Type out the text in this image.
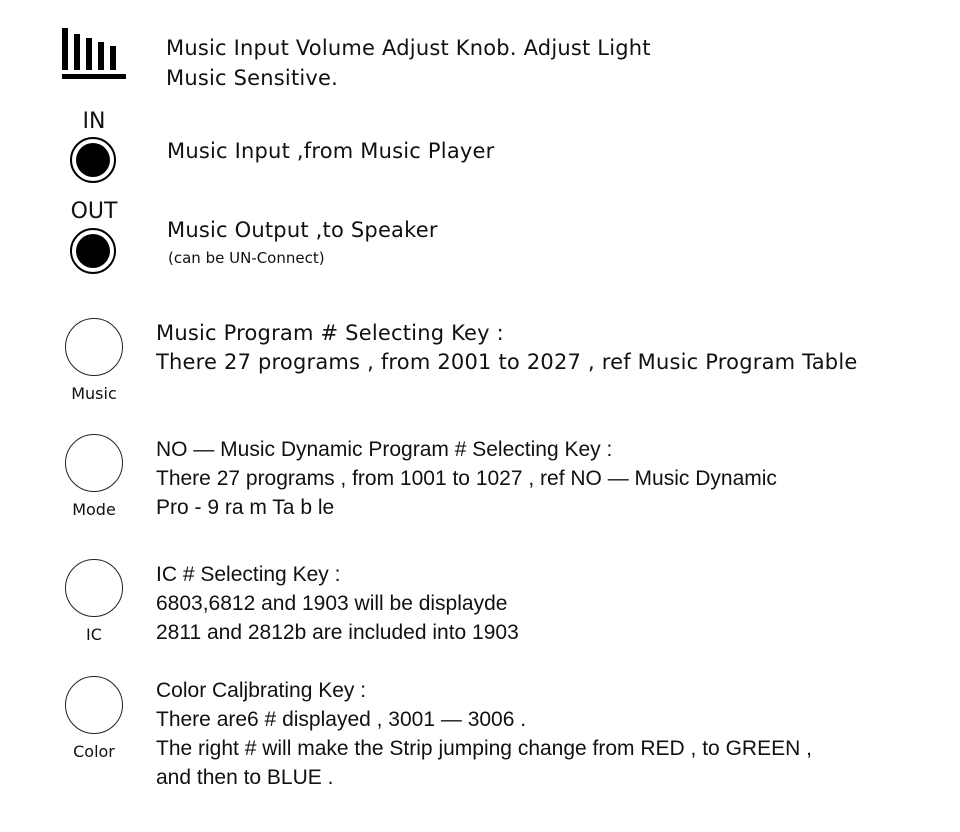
Music Input Volume Adjust Knob. Adjust Light
Music Sensitive.
IN
Music Input ,from Music Player
OUT
Music Output ,to Speaker
(can be UN-Connect)
Music
Music Program # Selecting Key :
There 27 programs , from 2001 to 2027 , ref Music Program Table
Mode
NO — Music Dynamic Program # Selecting Key :
There 27 programs , from 1001 to 1027 , ref NO — Music Dynamic
Pro - 9 ra m Ta b le
IC
IC # Selecting Key :
6803,6812 and 1903 will be displayde
2811 and 2812b are included into 1903
Color
Color Caljbrating Key :
There are6 # displayed , 3001 — 3006 .
The right # will make the Strip jumping change from RED , to GREEN ,
and then to BLUE .
